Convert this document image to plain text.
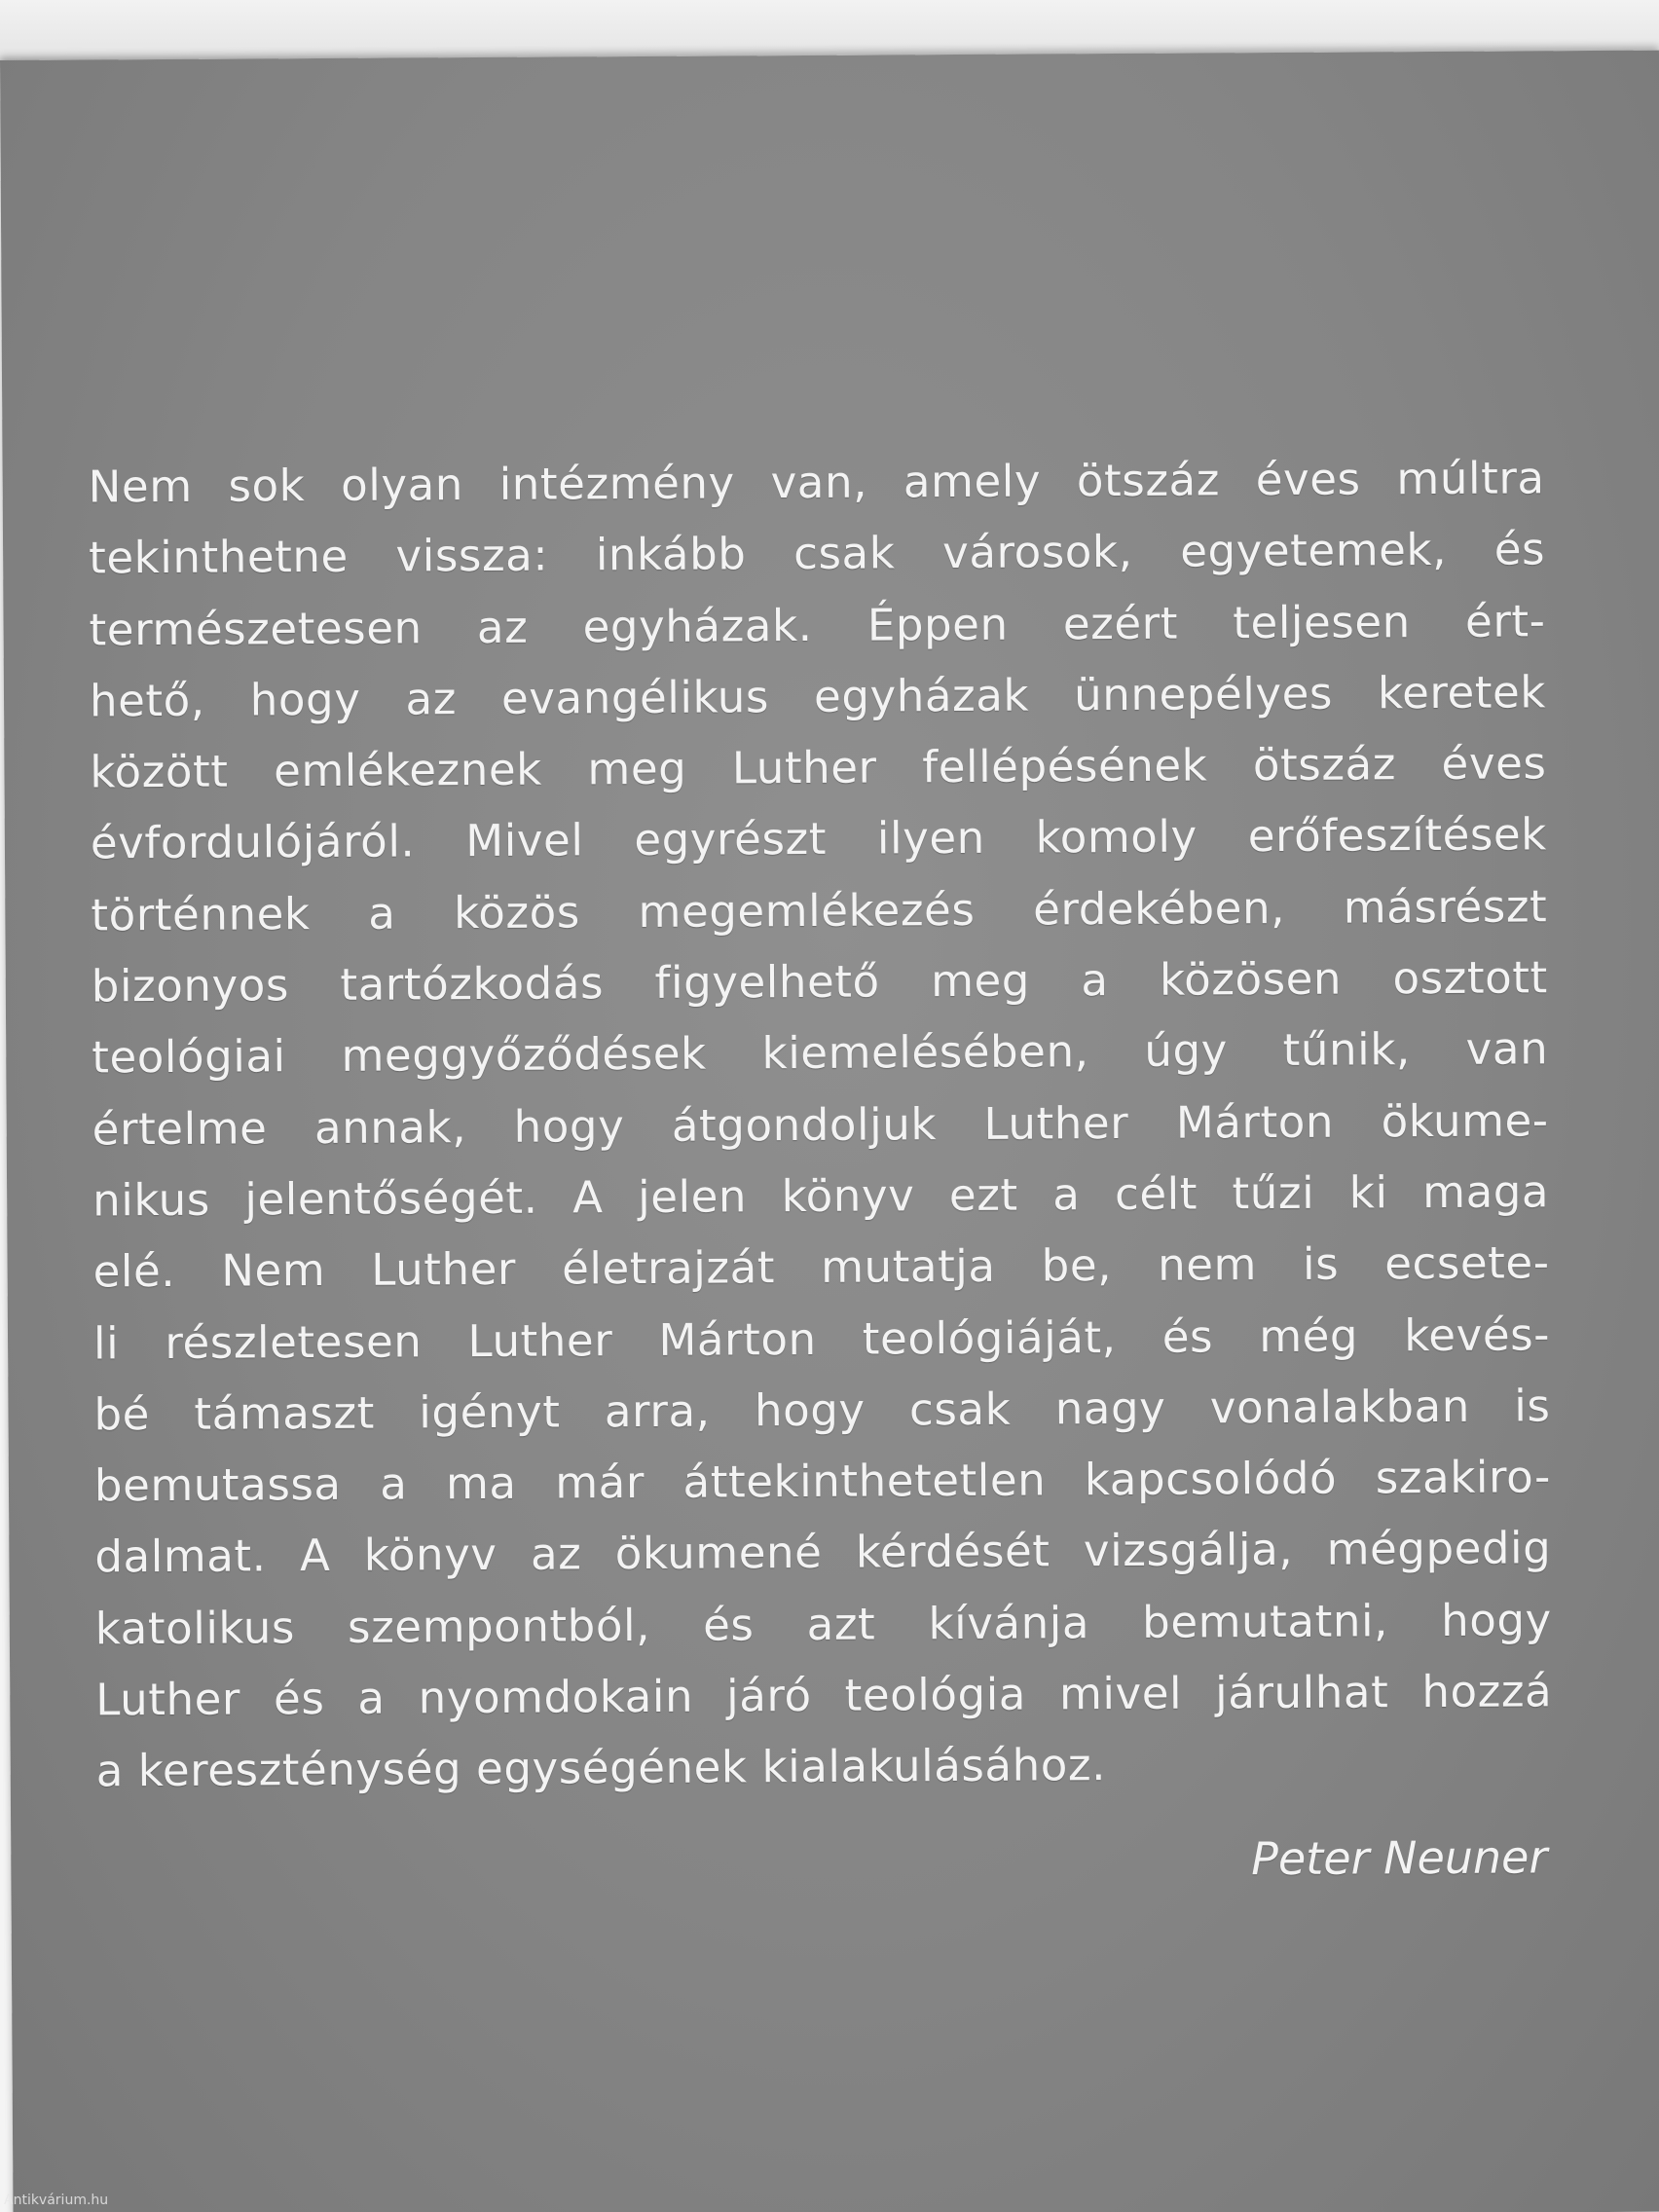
Nem sok olyan intézmény van, amely ötszáz éves múltra
tekinthetne vissza: inkább csak városok, egyetemek, és
természetesen az egyházak. Éppen ezért teljesen ért-
hető, hogy az evangélikus egyházak ünnepélyes keretek
között emlékeznek meg Luther fellépésének ötszáz éves
évfordulójáról. Mivel egyrészt ilyen komoly erőfeszítések
történnek a közös megemlékezés érdekében, másrészt
bizonyos tartózkodás figyelhető meg a közösen osztott
teológiai meggyőződések kiemelésében, úgy tűnik, van
értelme annak, hogy átgondoljuk Luther Márton ökume-
nikus jelentőségét. A jelen könyv ezt a célt tűzi ki maga
elé. Nem Luther életrajzát mutatja be, nem is ecsete-
li részletesen Luther Márton teológiáját, és még kevés-
bé támaszt igényt arra, hogy csak nagy vonalakban is
bemutassa a ma már áttekinthetetlen kapcsolódó szakiro-
dalmat. A könyv az ökumené kérdését vizsgálja, mégpedig
katolikus szempontból, és azt kívánja bemutatni, hogy
Luther és a nyomdokain járó teológia mivel járulhat hozzá
a kereszténység egységének kialakulásához.

Peter Neuner

Antikvárium.hu
